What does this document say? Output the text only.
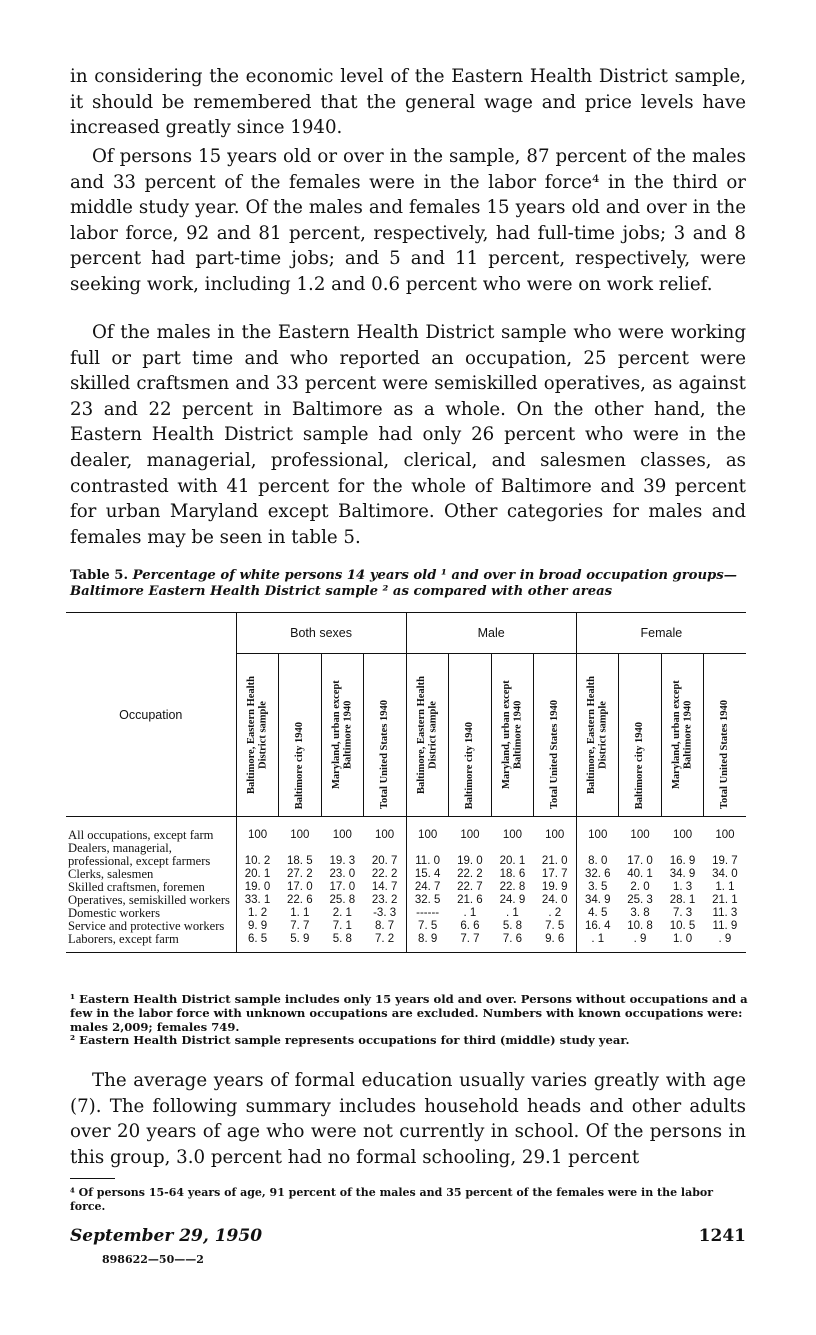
in considering the economic level of the Eastern Health District sample, it should be remembered that the general wage and price levels have increased greatly since 1940.

Of persons 15 years old or over in the sample, 87 percent of the males and 33 percent of the females were in the labor force⁴ in the third or middle study year. Of the males and females 15 years old and over in the labor force, 92 and 81 percent, respectively, had full-time jobs; 3 and 8 percent had part-time jobs; and 5 and 11 percent, respectively, were seeking work, including 1.2 and 0.6 percent who were on work relief.

Of the males in the Eastern Health District sample who were working full or part time and who reported an occupation, 25 percent were skilled craftsmen and 33 percent were semiskilled operatives, as against 23 and 22 percent in Baltimore as a whole. On the other hand, the Eastern Health District sample had only 26 percent who were in the dealer, managerial, professional, clerical, and salesmen classes, as contrasted with 41 percent for the whole of Baltimore and 39 percent for urban Maryland except Baltimore. Other categories for males and females may be seen in table 5.

Table 5. Percentage of white persons 14 years old ¹ and over in broad occupation groups—Baltimore Eastern Health District sample ² as compared with other areas

Occupation	Both sexes				Male				Female			
	Baltimore, Eastern Health District sample	Baltimore city 1940	Maryland, urban except Baltimore 1940	Total United States 1940	Baltimore, Eastern Health District sample	Baltimore city 1940	Maryland, urban except Baltimore 1940	Total United States 1940	Baltimore, Eastern Health District sample	Baltimore city 1940	Maryland, urban except Baltimore 1940	Total United States 1940

All occupations, except farm	100	100	100	100	100	100	100	100	100	100	100	100
Dealers, managerial, professional, except farmers	10. 2	18. 5	19. 3	20. 7	11. 0	19. 0	20. 1	21. 0	8. 0	17. 0	16. 9	19. 7
Clerks, salesmen	20. 1	27. 2	23. 0	22. 2	15. 4	22. 2	18. 6	17. 7	32. 6	40. 1	34. 9	34. 0
Skilled craftsmen, foremen	19. 0	17. 0	17. 0	14. 7	24. 7	22. 7	22. 8	19. 9	3. 5	2. 0	1. 3	1. 1
Operatives, semiskilled workers	33. 1	22. 6	25. 8	23. 2	32. 5	21. 6	24. 9	24. 0	34. 9	25. 3	28. 1	21. 1
Domestic workers	1. 2	1. 1	2. 1	-3. 3	------	. 1	. 1	. 2	4. 5	3. 8	7. 3	11. 3
Service and protective workers	9. 9	7. 7	7. 1	8. 7	7. 5	6. 6	5. 8	7. 5	16. 4	10. 8	10. 5	11. 9
Laborers, except farm	6. 5	5. 9	5. 8	7. 2	8. 9	7. 7	7. 6	9. 6	. 1	. 9	1. 0	. 9

¹ Eastern Health District sample includes only 15 years old and over. Persons without occupations and a few in the labor force with unknown occupations are excluded. Numbers with known occupations were: males 2,009; females 749.

² Eastern Health District sample represents occupations for third (middle) study year.

The average years of formal education usually varies greatly with age (7). The following summary includes household heads and other adults over 20 years of age who were not currently in school. Of the persons in this group, 3.0 percent had no formal schooling, 29.1 percent

⁴ Of persons 15-64 years of age, 91 percent of the males and 35 percent of the females were in the labor force.

September 29, 1950	1241
898622—50——2
